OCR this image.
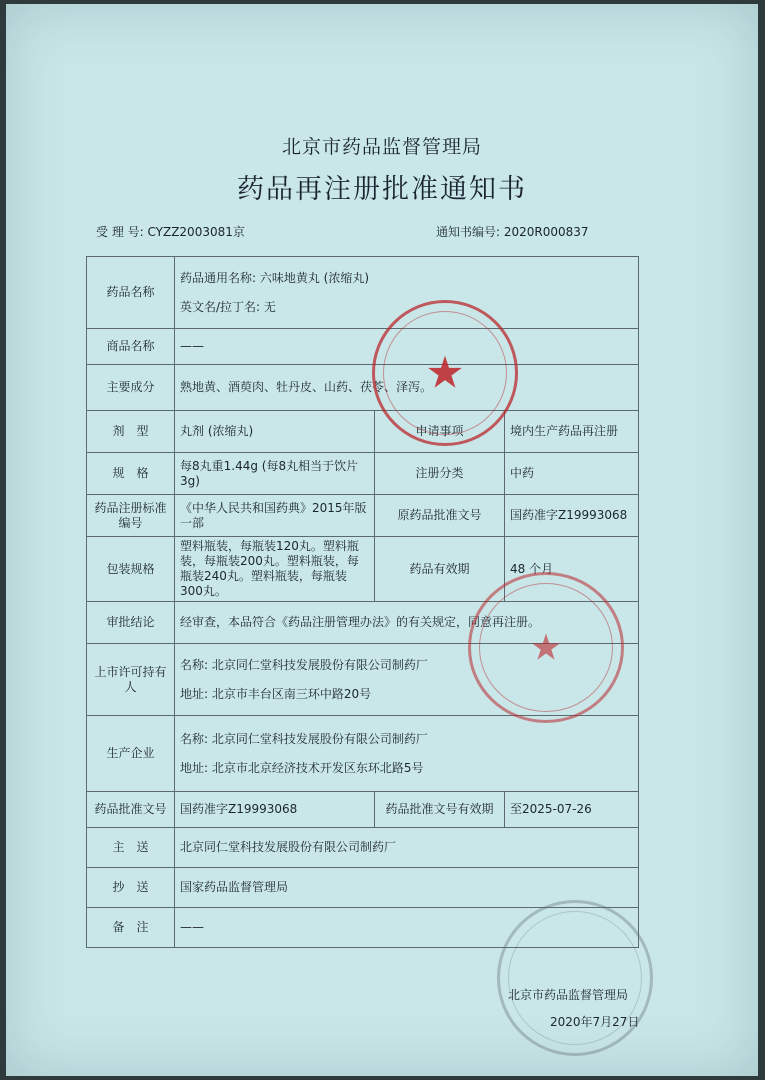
北京市药品监督管理局
药品再注册批准通知书
受 理 号: CYZZ2003081京	通知书编号: 2020R000837
药品名称	药品通用名称: 六味地黄丸 (浓缩丸)
英文名/拉丁名: 无		

商品名称	——		
主要成分	熟地黄、酒萸肉、牡丹皮、山药、茯苓、泽泻。		
剂　型	丸剂 (浓缩丸)	申请事项	境内生产药品再注册
规　格	每8丸重1.44g (每8丸相当于饮片3g)	注册分类	中药
药品注册标准编号	《中华人民共和国药典》2015年版一部	原药品批准文号	国药准字Z19993068
包装规格	塑料瓶装，每瓶装120丸。塑料瓶装，每瓶装200丸。塑料瓶装，每瓶装240丸。塑料瓶装，每瓶装300丸。	药品有效期	48 个月
审批结论	经审查，本品符合《药品注册管理办法》的有关规定，同意再注册。		
上市许可持有人	名称: 北京同仁堂科技发展股份有限公司制药厂
地址: 北京市丰台区南三环中路20号		

生产企业	名称: 北京同仁堂科技发展股份有限公司制药厂
地址: 北京市北京经济技术开发区东环北路5号		

药品批准文号	国药准字Z19993068	药品批准文号有效期	至2025-07-26
主　送	北京同仁堂科技发展股份有限公司制药厂		
抄　送	国家药品监督管理局		
备　注	——		
★
★
北京市药品监督管理局
2020年7月27日
